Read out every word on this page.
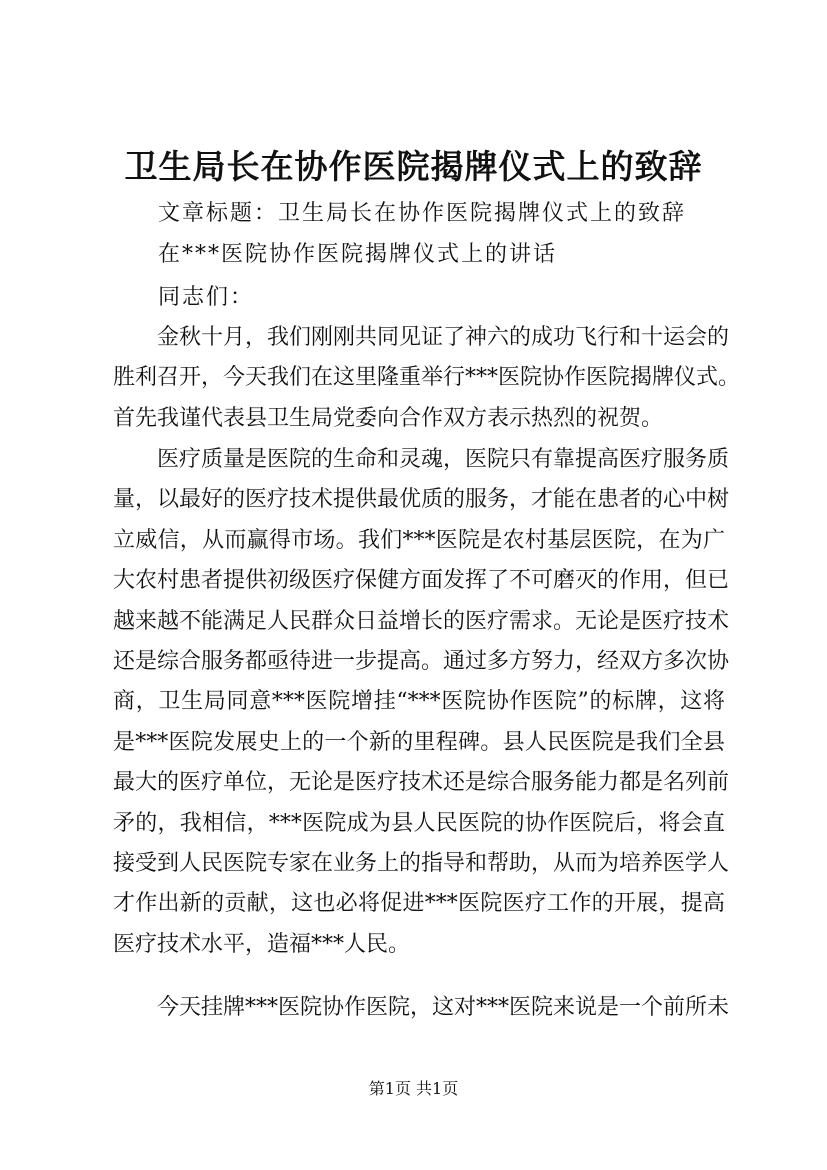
卫生局长在协作医院揭牌仪式上的致辞
文章标题：卫生局长在协作医院揭牌仪式上的致辞
在***医院协作医院揭牌仪式上的讲话
同志们：
　　金秋十月，我们刚刚共同见证了神六的成功飞行和十运会的
胜利召开，今天我们在这里隆重举行***医院协作医院揭牌仪式。
首先我谨代表县卫生局党委向合作双方表示热烈的祝贺。
　　医疗质量是医院的生命和灵魂，医院只有靠提高医疗服务质
量，以最好的医疗技术提供最优质的服务，才能在患者的心中树
立威信，从而赢得市场。我们***医院是农村基层医院，在为广
大农村患者提供初级医疗保健方面发挥了不可磨灭的作用，但已
越来越不能满足人民群众日益增长的医疗需求。无论是医疗技术
还是综合服务都亟待进一步提高。通过多方努力，经双方多次协
商，卫生局同意***医院增挂“***医院协作医院”的标牌，这将
是***医院发展史上的一个新的里程碑。县人民医院是我们全县
最大的医疗单位，无论是医疗技术还是综合服务能力都是名列前
矛的，我相信，***医院成为县人民医院的协作医院后，将会直
接受到人民医院专家在业务上的指导和帮助，从而为培养医学人
才作出新的贡献，这也必将促进***医院医疗工作的开展，提高
医疗技术水平，造福***人民。
　　今天挂牌***医院协作医院，这对***医院来说是一个前所未
第1页 共1页
